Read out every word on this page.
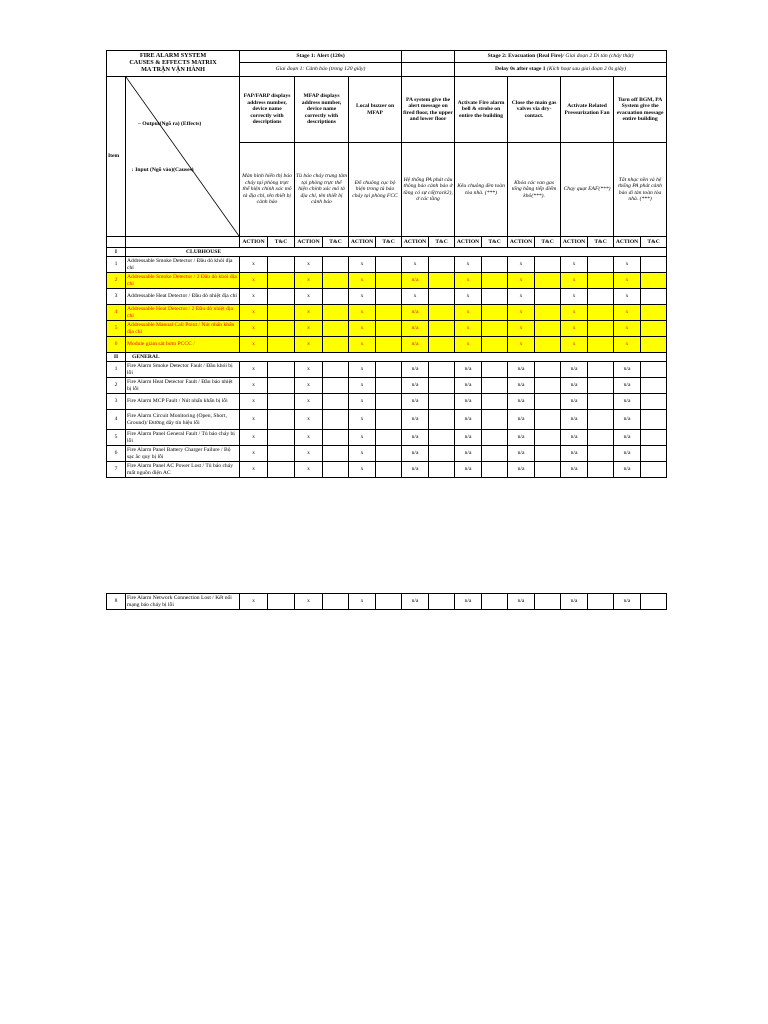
FIRE ALARM SYSTEM
CAUSES & EFFECTS MATRIX
MA TRẬN VẬN HÀNH		Stage 1: Alert (120s)								Stage 2: Evacuation (Real Fire)/ Giai đoạn 2 Di tản (cháy thật)							
		Giai đoạn 1: Cảnh báo (trong 120 giây)								Delay 0s after stage 1 (Kích hoạt sau giai đoạn 2 0s giây)							
Item	– Output(Ngõ ra) (Effects)
↓ Input (Ngõ vào)(Causes)	FAP/FARP displays address number, device name correctly with descriptions		MFAP displays address number, device name correctly with descriptions		Local buzzer on MFAP		PA system give the alert message on fired floor, the upper and lower floor		Activate Fire alarm bell & strobe on entire the building		Close the main gas valves via dry- contact.		Activate Related Pressurization Fan		Turn off BGM, PA System give the evacuation message entire building	
		Màn hình hiển thị báo cháy tại phòng trực thể hiện chính xác mô tả địa chỉ, tên thiết bị cảnh báo		Tủ báo cháy trung tâm tại phòng trực thể hiện chính xác mô tả địa chỉ, tên thiết bị cảnh báo		Đổ chuông cục bộ hiện trong tủ báo cháy tại phòng FCC		Hệ thống PA phát câu thông báo cảnh báo ở tầng có sự cố(track2), ở các tầng		Kêu chuông đèn toàn tòa nhà. (***)		Khóa các van gas tổng bằng tiếp điểm khô(***).		Chạy quạt EAF(***)		Tắt nhạc nền và hệ thống PA phát cảnh báo di tản toàn tòa nhà. (***)	
		ACTION	T&C	ACTION	T&C	ACTION	T&C	ACTION	T&C	ACTION	T&C	ACTION	T&C	ACTION	T&C	ACTION	T&C
I	CLUBHOUSE																
1	Addressable Smoke Detector / Đầu dò khói địa chỉ	x		x		x		x		x		x		x		x	
2	Addressable Smoke Detector / 2 Đầu dò khói địa chỉ	x		x		x		n/a		x		x		x		x	
3	Addressable Heat Detector / Đầu dò nhiệt địa chỉ	x		x		x		x		x		x		x		x	
4	Addressable Heat Detector / 2 Đầu dò nhiệt địa chỉ	x		x		x		n/a		x		x		x		x	
5	Addressable Manual Call Point / Nút nhấn khẩn địa chỉ	x		x		x		n/a		x		x		x		x	
6	Module giám sát bơm PCCC /	x		x		x		n/a		x		x		x		x	
II	GENERAL																
1	Fire Alarm Smoke Detector Fault / Đầu khói bị lỗi	x		x		x		n/a		n/a		n/a		n/a		n/a	
2	Fire Alarm Heat Detector Fault / Đầu báo nhiệt bị lỗi	x		x		x		n/a		n/a		n/a		n/a		n/a	
3	Fire Alarm MCP Fault / Nút nhấn khẩn bị lỗi	x		x		x		n/a		n/a		n/a		n/a		n/a	
4	Fire Alarm Circuit Monitoring (Open, Short, Ground)/ Đường dây tín hiệu lỗi	x		x		x		n/a		n/a		n/a		n/a		n/a	
5	Fire Alarm Panel General Fault / Tủ báo cháy bị lỗi	x		x		x		n/a		n/a		n/a		n/a		n/a	
6	Fire Alarm Panel Battery Charger Failure / Bộ sạc ắc quy bị lỗi	x		x		x		n/a		n/a		n/a		n/a		n/a	
7	Fire Alarm Panel AC Power Lost / Tủ báo cháy mất nguồn điện AC	x		x		x		n/a		n/a		n/a		n/a		n/a	
8	Fire Alarm Network Connection Lost / Kết nối mạng báo cháy bị lỗi	x		x		x		n/a		n/a		n/a		n/a		n/a	
